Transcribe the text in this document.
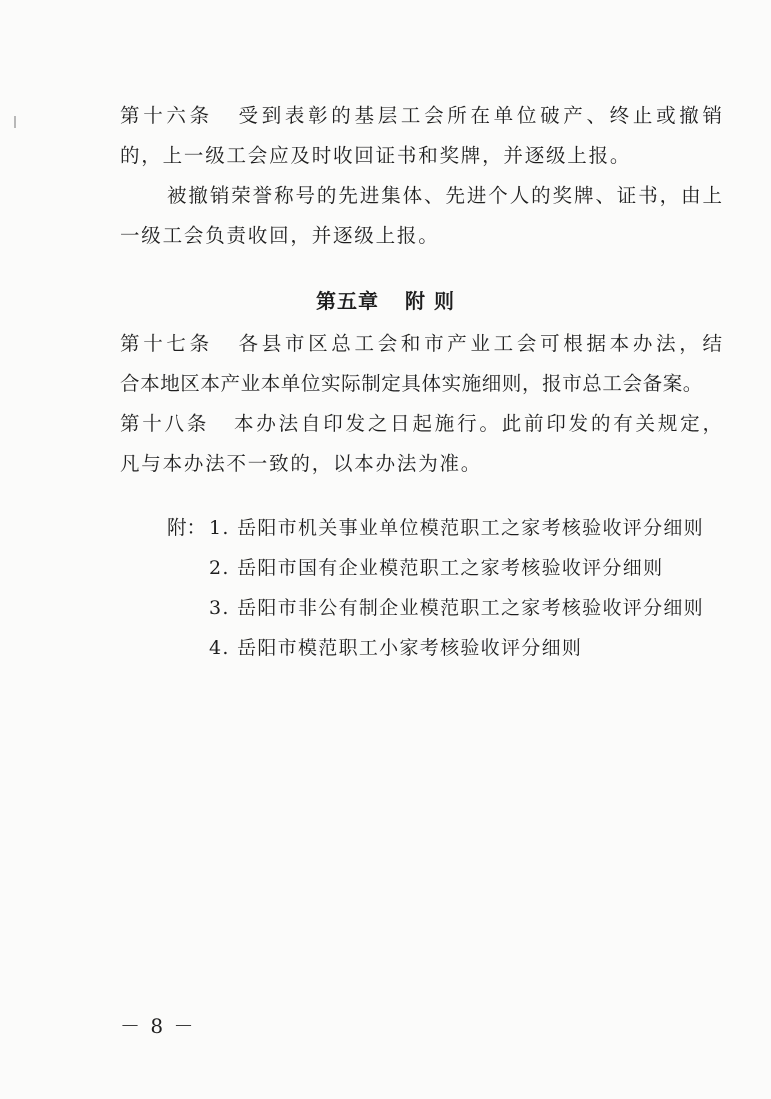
第十六条 受到表彰的基层工会所在单位破产、终止或撤销
的，上一级工会应及时收回证书和奖牌，并逐级上报。
被撤销荣誉称号的先进集体、先进个人的奖牌、证书，由上
一级工会负责收回，并逐级上报。
第五章 附 则
第十七条 各县市区总工会和市产业工会可根据本办法，结
合本地区本产业本单位实际制定具体实施细则，报市总工会备案。
第十八条 本办法自印发之日起施行。此前印发的有关规定，
凡与本办法不一致的，以本办法为准。
附： 1. 岳阳市机关事业单位模范职工之家考核验收评分细则
2. 岳阳市国有企业模范职工之家考核验收评分细则
3. 岳阳市非公有制企业模范职工之家考核验收评分细则
4. 岳阳市模范职工小家考核验收评分细则
－ 8 －
